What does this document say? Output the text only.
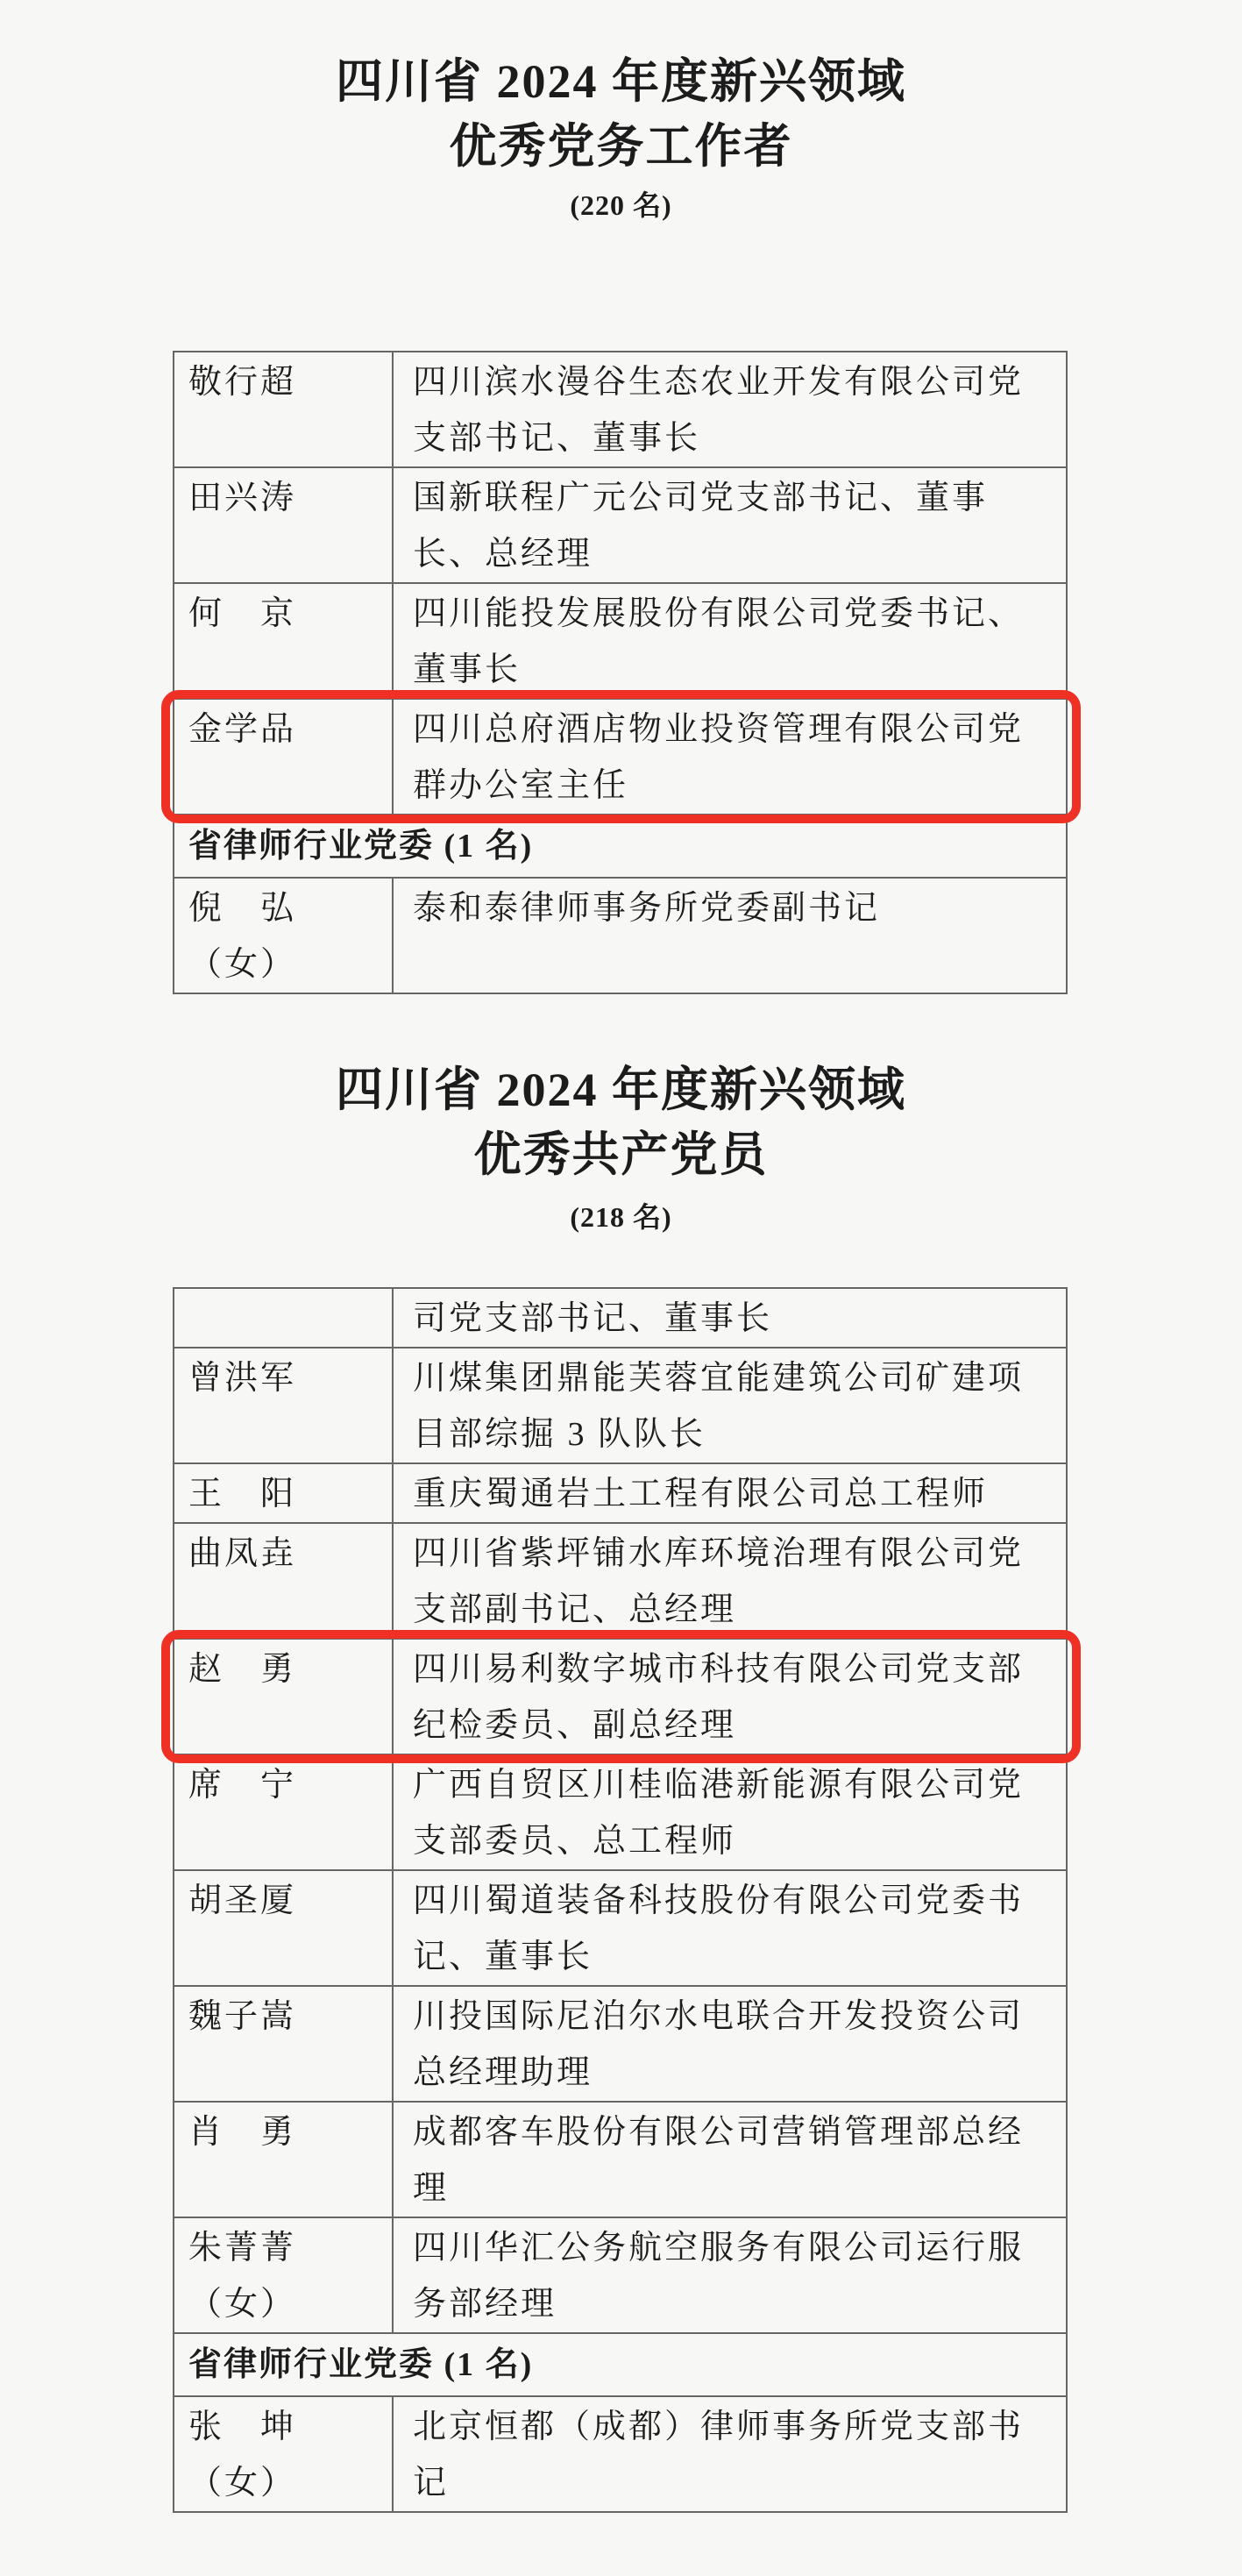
四川省 2024 年度新兴领域
优秀党务工作者
(220 名)
敬行超	四川滨水漫谷生态农业开发有限公司党支部书记、董事长
田兴涛	国新联程广元公司党支部书记、董事长、总经理
何　京	四川能投发展股份有限公司党委书记、董事长
金学品	四川总府酒店物业投资管理有限公司党群办公室主任
省律师行业党委 (1 名)	
倪　弘（女）	泰和泰律师事务所党委副书记
四川省 2024 年度新兴领域
优秀共产党员
(218 名)
	司党支部书记、董事长
曾洪军	川煤集团鼎能芙蓉宜能建筑公司矿建项目部综掘 3 队队长
王　阳	重庆蜀通岩土工程有限公司总工程师
曲凤垚	四川省紫坪铺水库环境治理有限公司党支部副书记、总经理
赵　勇	四川易利数字城市科技有限公司党支部纪检委员、副总经理
席　宁	广西自贸区川桂临港新能源有限公司党支部委员、总工程师
胡圣厦	四川蜀道装备科技股份有限公司党委书记、董事长
魏子嵩	川投国际尼泊尔水电联合开发投资公司总经理助理
肖　勇	成都客车股份有限公司营销管理部总经理
朱菁菁（女）	四川华汇公务航空服务有限公司运行服务部经理
省律师行业党委 (1 名)	
张　坤（女）	北京恒都（成都）律师事务所党支部书记
